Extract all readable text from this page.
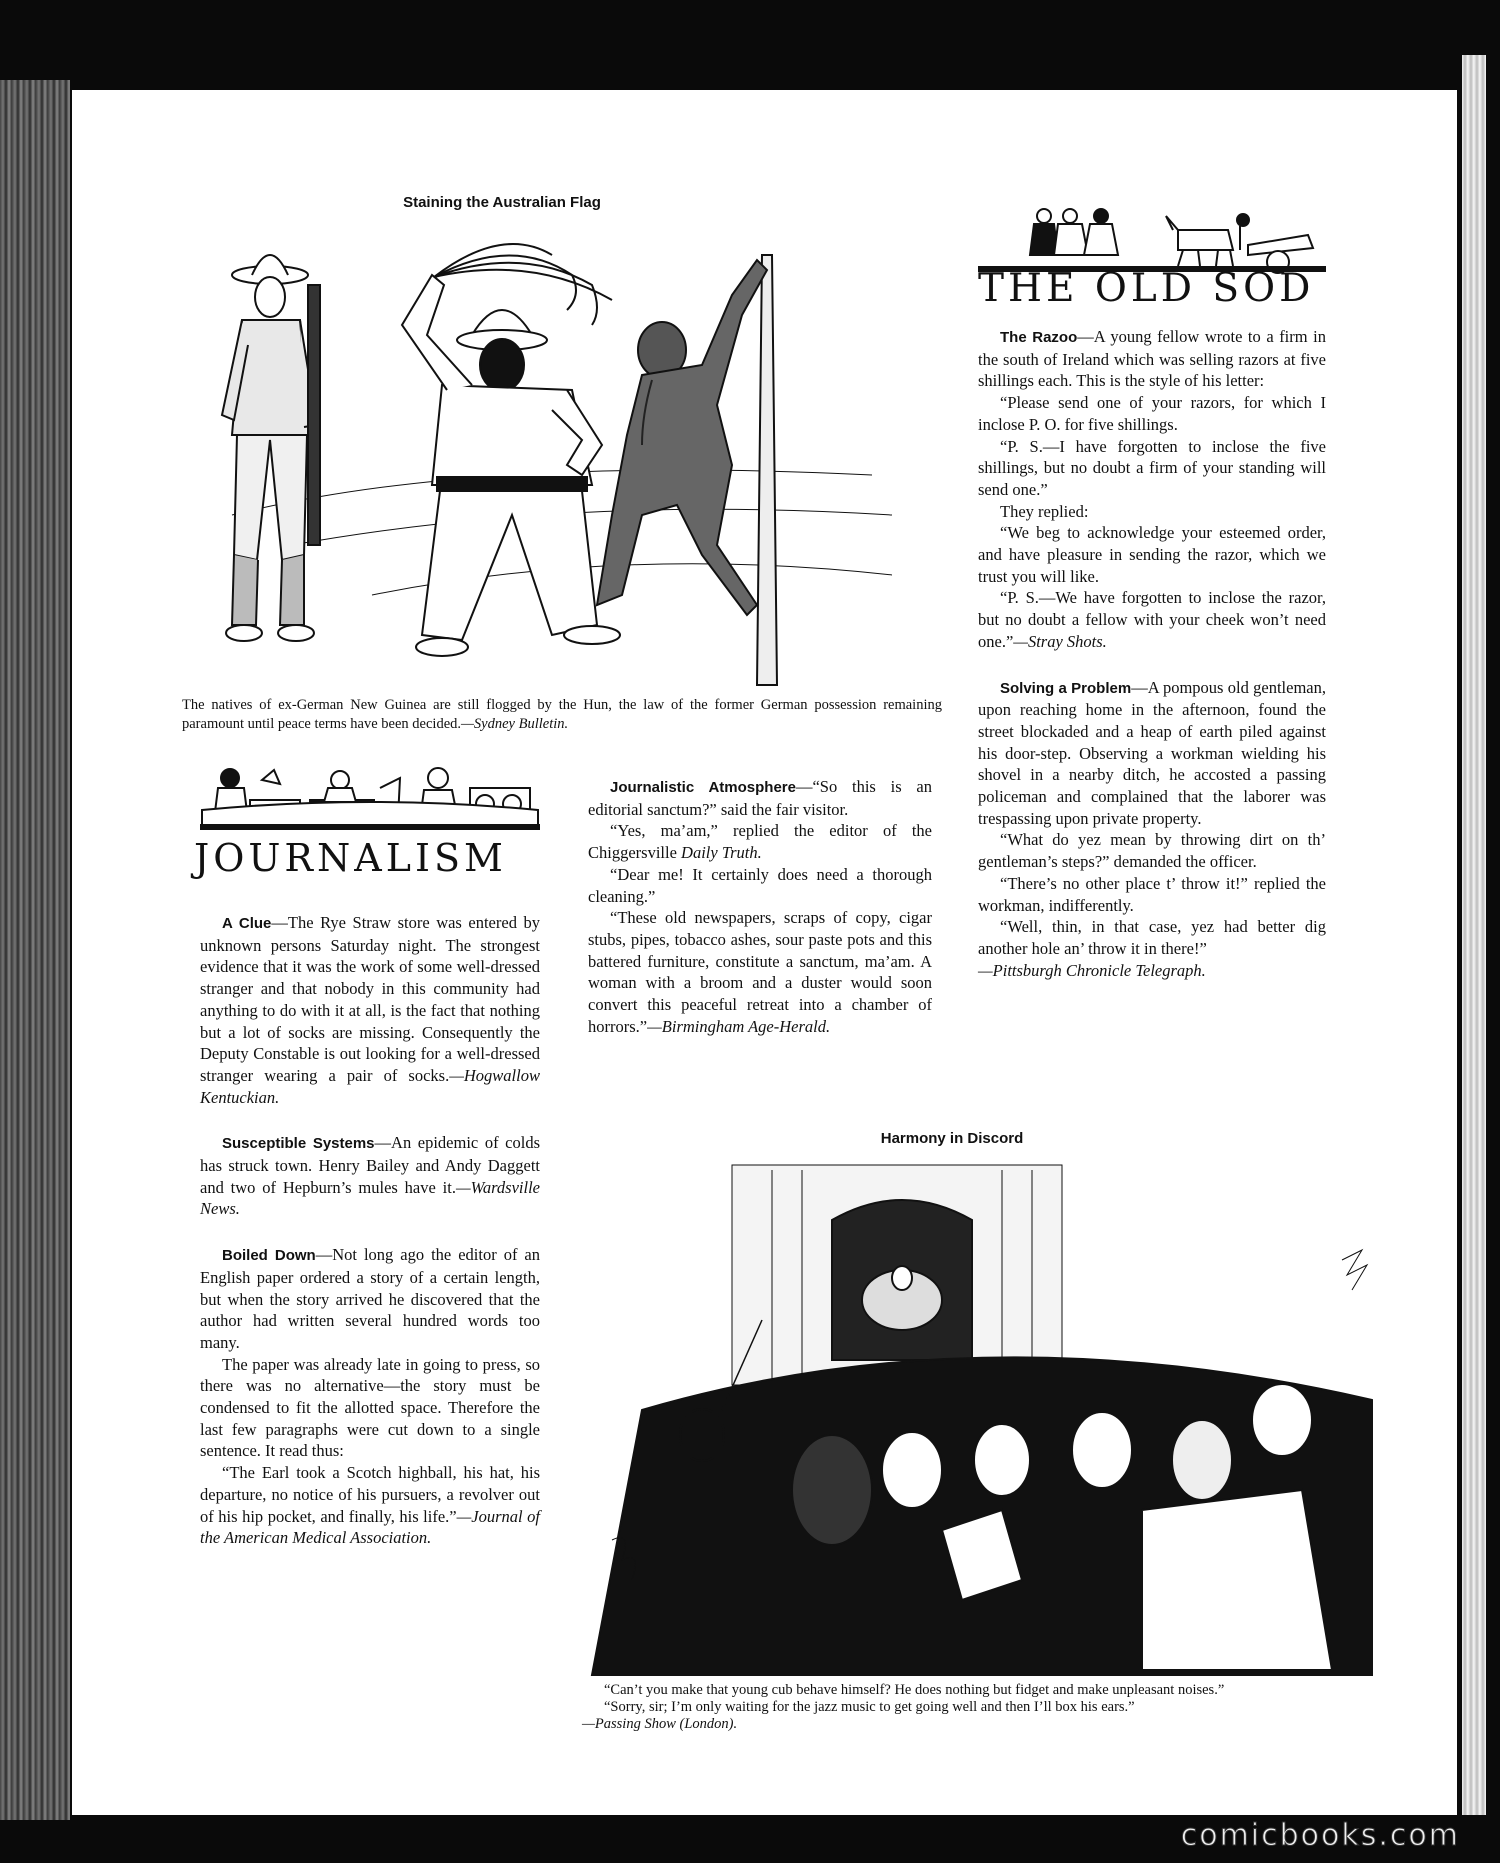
Staining the Australian Flag
The natives of ex-German New Guinea are still flogged by the Hun, the law of the former German possession remaining paramount until peace terms have been decided.—Sydney Bulletin.
THE OLD SOD

The Razoo—A young fellow wrote to a firm in the south of Ireland which was selling razors at five shillings each. This is the style of his letter:

“Please send one of your razors, for which I inclose P. O. for five shillings.

“P. S.—I have forgotten to inclose the five shillings, but no doubt a firm of your standing will send one.”

They replied:

“We beg to acknowledge your esteemed order, and have pleasure in sending the razor, which we trust you will like.

“P. S.—We have forgotten to inclose the razor, but no doubt a fellow with your cheek won’t need one.”—Stray Shots.

Solving a Problem—A pompous old gentleman, upon reaching home in the afternoon, found the street blockaded and a heap of earth piled against his door-step. Observing a workman wielding his shovel in a nearby ditch, he accosted a passing policeman and complained that the laborer was trespassing upon private property.

“What do yez mean by throwing dirt on th’ gentleman’s steps?” demanded the officer.

“There’s no other place t’ throw it!” replied the workman, indifferently.

“Well, thin, in that case, yez had better dig another hole an’ throw it in there!”

—Pittsburgh Chronicle Telegraph.

JOURNALISM

A Clue—The Rye Straw store was entered by unknown persons Saturday night. The strongest evidence that it was the work of some well-dressed stranger and that nobody in this community had anything to do with it at all, is the fact that nothing but a lot of socks are missing. Consequently the Deputy Constable is out looking for a well-dressed stranger wearing a pair of socks.—Hogwallow Kentuckian.

Susceptible Systems—An epidemic of colds has struck town. Henry Bailey and Andy Daggett and two of Hepburn’s mules have it.—Wardsville News.

Boiled Down—Not long ago the editor of an English paper ordered a story of a certain length, but when the story arrived he discovered that the author had written several hundred words too many.

The paper was already late in going to press, so there was no alternative—the story must be condensed to fit the allotted space. Therefore the last few paragraphs were cut down to a single sentence. It read thus:

“The Earl took a Scotch highball, his hat, his departure, no notice of his pursuers, a revolver out of his hip pocket, and finally, his life.”—Journal of the American Medical Association.

Journalistic Atmosphere—“So this is an editorial sanctum?” said the fair visitor.

“Yes, ma’am,” replied the editor of the Chiggersville Daily Truth.

“Dear me! It certainly does need a thorough cleaning.”

“These old newspapers, scraps of copy, cigar stubs, pipes, tobacco ashes, sour paste pots and this battered furniture, constitute a sanctum, ma’am. A woman with a broom and a duster would soon convert this peaceful retreat into a chamber of horrors.”—Birmingham Age-Herald.

Harmony in Discord
“Can’t you make that young cub behave himself? He does nothing but fidget and make unpleasant noises.”
“Sorry, sir; I’m only waiting for the jazz music to get going well and then I’ll box his ears.”
—Passing Show (London).
comicbooks.com
